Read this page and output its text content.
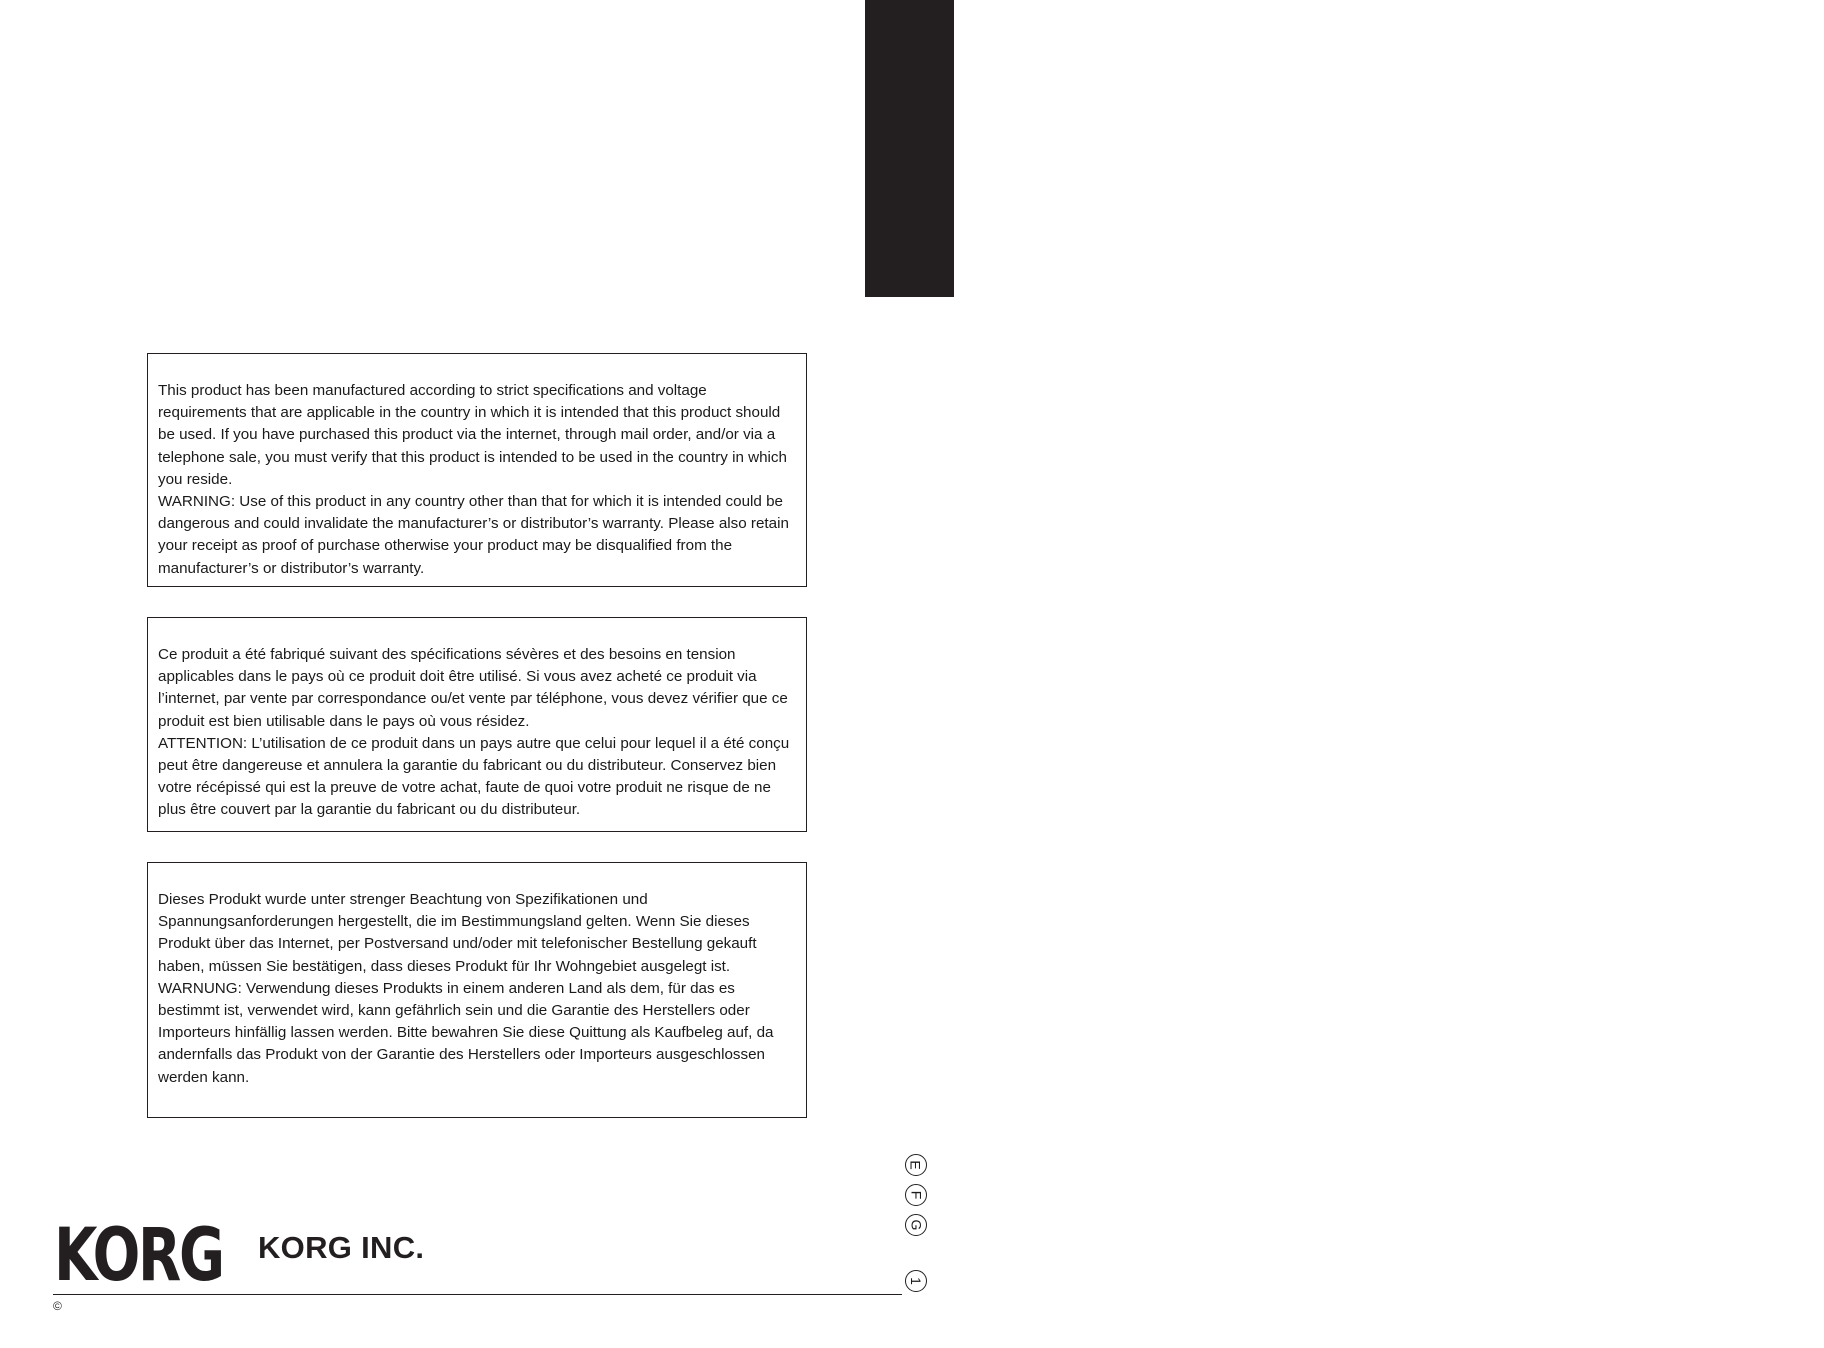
MMA130
MOBILE MONITOR AMPLIFIER

This product has been manufactured according to strict specifications and voltage requirements that are applicable in the country in which it is intended that this product should be used. If you have purchased this product via the internet, through mail order, and/or via a telephone sale, you must verify that this product is intended to be used in the country in which you reside.

WARNING: Use of this product in any country other than that for which it is intended could be dangerous and could invalidate the manufacturer’s or distributor’s warranty. Please also retain your receipt as proof of purchase otherwise your product may be disqualified from the manufacturer’s or distributor’s warranty.

Ce produit a été fabriqué suivant des spécifications sévères et des besoins en tension applicables dans le pays où ce produit doit être utilisé. Si vous avez acheté ce produit via l’internet, par vente par correspondance ou/et vente par téléphone, vous devez vérifier que ce produit est bien utilisable dans le pays où vous résidez.

ATTENTION: L’utilisation de ce produit dans un pays autre que celui pour lequel il a été conçu peut être dangereuse et annulera la garantie du fabricant ou du distributeur. Conservez bien votre récépissé qui est la preuve de votre achat, faute de quoi votre produit ne risque de ne plus être couvert par la garantie du fabricant ou du distributeur.

Dieses Produkt wurde unter strenger Beachtung von Spezifikationen und Spannungsanforderungen hergestellt, die im Bestimmungsland gelten. Wenn Sie dieses Produkt über das Internet, per Postversand und/oder mit telefonischer Bestellung gekauft haben, müssen Sie bestätigen, dass dieses Produkt für Ihr Wohngebiet ausgelegt ist.

WARNUNG: Verwendung dieses Produkts in einem anderen Land als dem, für das es bestimmt ist, verwendet wird, kann gefährlich sein und die Garantie des Herstellers oder Importeurs hinfällig lassen werden. Bitte bewahren Sie diese Quittung als Kaufbeleg auf, da andernfalls das Produkt von der Garantie des Herstellers oder Importeurs ausgeschlossen werden kann.

E
F
G
1
KORG KORG INC.
©
